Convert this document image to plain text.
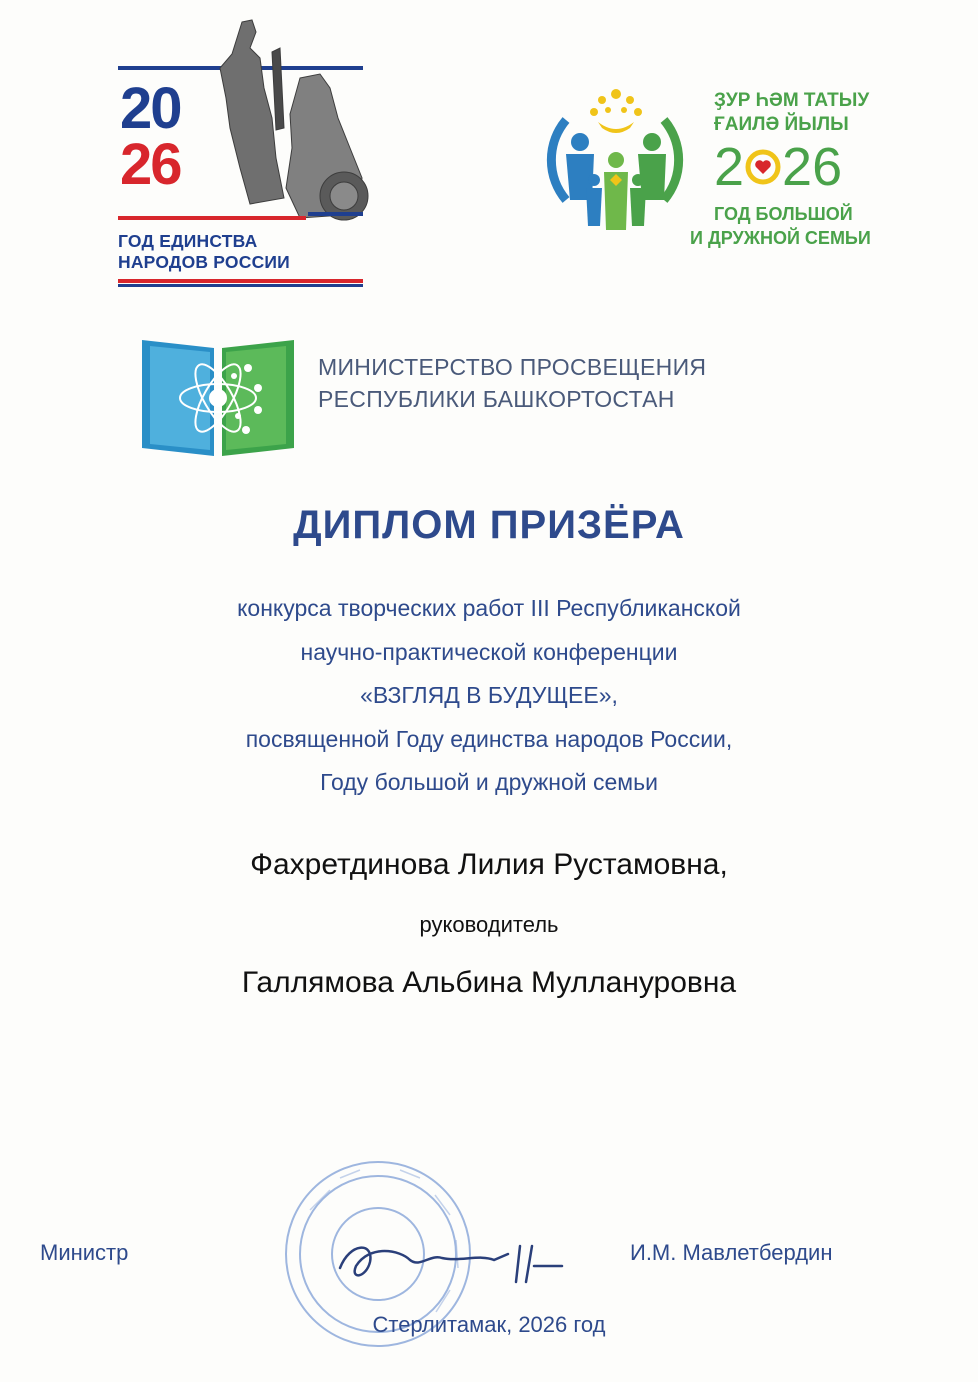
20
26
ГОД ЕДИНСТВА
НАРОДОВ РОССИИ
ҘУР ҺӘМ ТАТЫУ
ҒАИЛӘ ЙЫЛЫ
2 26
ГОД БОЛЬШОЙ
И ДРУЖНОЙ СЕМЬИ
МИНИСТЕРСТВО ПРОСВЕЩЕНИЯ
РЕСПУБЛИКИ БАШКОРТОСТАН
ДИПЛОМ ПРИЗЁРА
конкурса творческих работ III Республиканской
научно-практической конференции
«ВЗГЛЯД В БУДУЩЕЕ»,
посвященной Году единства народов России,
Году большой и дружной семьи
Фахретдинова Лилия Рустамовна,
руководитель
Галлямова Альбина Муллануровна
Министр	И.М. Мавлетбердин
Стерлитамак, 2026 год
